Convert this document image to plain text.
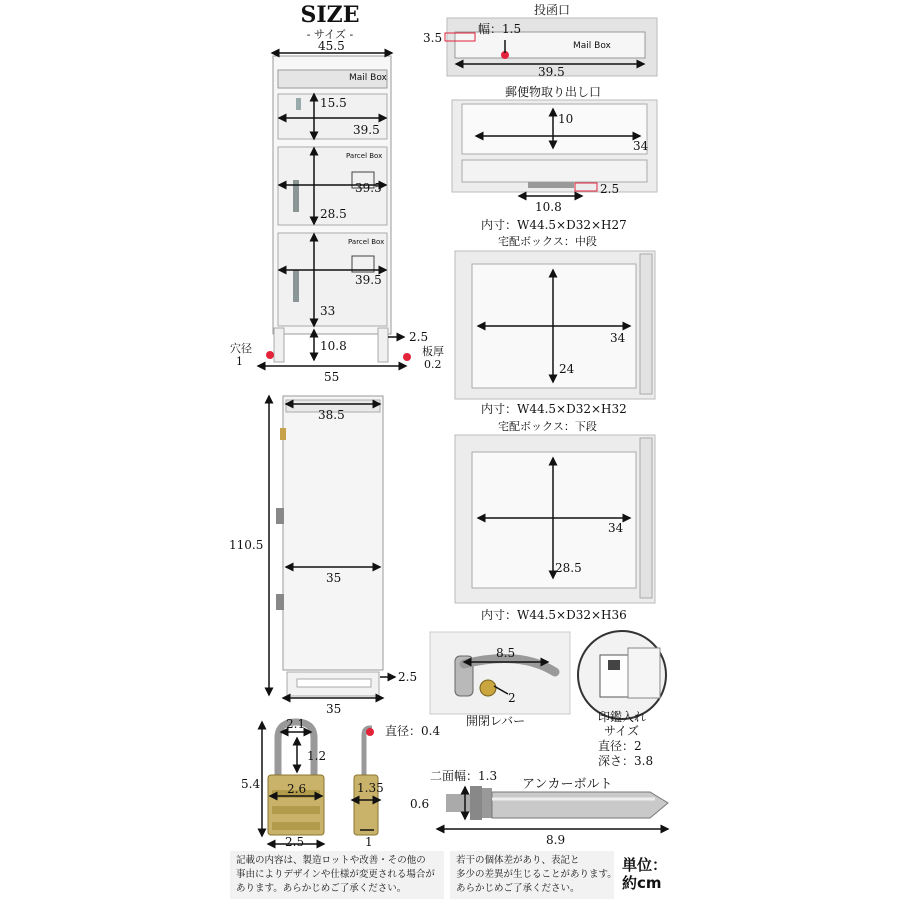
SIZE
- サイズ -
45.5
Mail Box
15.5
39.5
Parcel Box
39.5
28.5
Parcel Box
39.5
33
10.8
2.5
穴径
1
板厚
0.2
55
38.5
110.5
35
2.5
35
投函口
3.5
幅：1.5
Mail Box
39.5
郵便物取り出し口
10
34
2.5
10.8
内寸：W44.5×D32×H27
宅配ボックス：中段
34
24
内寸：W44.5×D32×H32
宅配ボックス：下段
34
28.5
内寸：W44.5×D32×H36
8.5
2
開閉レバー	印鑑入れ
サイズ
直径：2
深さ：3.8
2.1
1.2
5.4 2.6
2.5
1.35
1
直径：0.4
二面幅：1.3
アンカーボルト
0.6
8.9
記載の内容は、製造ロットや改善・その他の
事由によりデザインや仕様が変更される場合が
あります。あらかじめご了承ください。
若干の個体差があり、表記と
多少の差異が生じることがあります。
あらかじめご了承ください。
単位：
約cm
